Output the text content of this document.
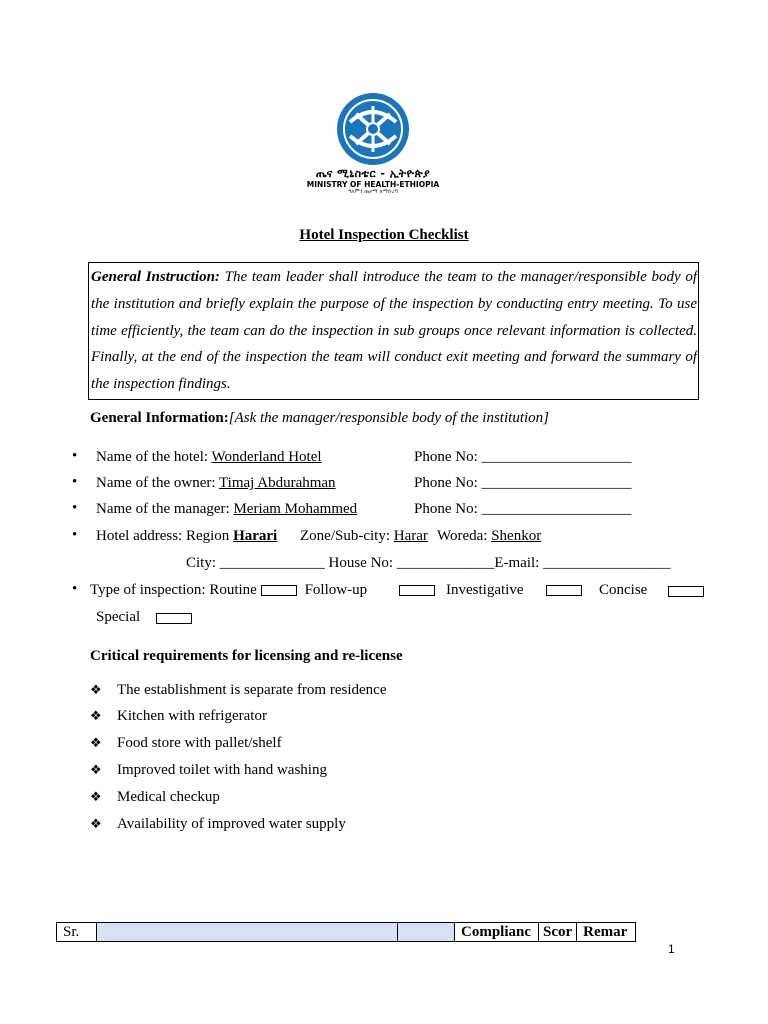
ጤና ሚኒስቴር - ኢትዮጵያ
MINISTRY OF HEALTH-ETHIOPIA
ዓለምን ጤናማ ለማድረግ
Hotel Inspection Checklist
General Instruction: The team leader shall introduce the team to the manager/responsible body of the institution and briefly explain the purpose of the inspection by conducting entry meeting. To use time efficiently, the team can do the inspection in sub groups once relevant information is collected. Finally, at the end of the inspection the team will conduct exit meeting and forward the summary of the inspection findings.
General Information:[Ask the manager/responsible body of the institution]
•
•
•
•
•
Name of the hotel: Wonderland Hotel	Phone No: ____________________
Name of the owner: Timaj Abdurahman	Phone No: ____________________
Name of the manager: Meriam Mohammed	Phone No: ____________________
Hotel address: Region Harari Zone/Sub-city: Harar Woreda: Shenkor
City: ______________ House No: _____________E-mail: _________________
Type of inspection: Routine	Follow-up	Investigative	Concise
Special
Critical requirements for licensing and re-license
❖ The establishment is separate from residence
❖ Kitchen with refrigerator
❖ Food store with pallet/shelf
❖ Improved toilet with hand washing
❖ Medical checkup
❖ Availability of improved water supply
Sr.			Complianc	Scor	Remar
1
